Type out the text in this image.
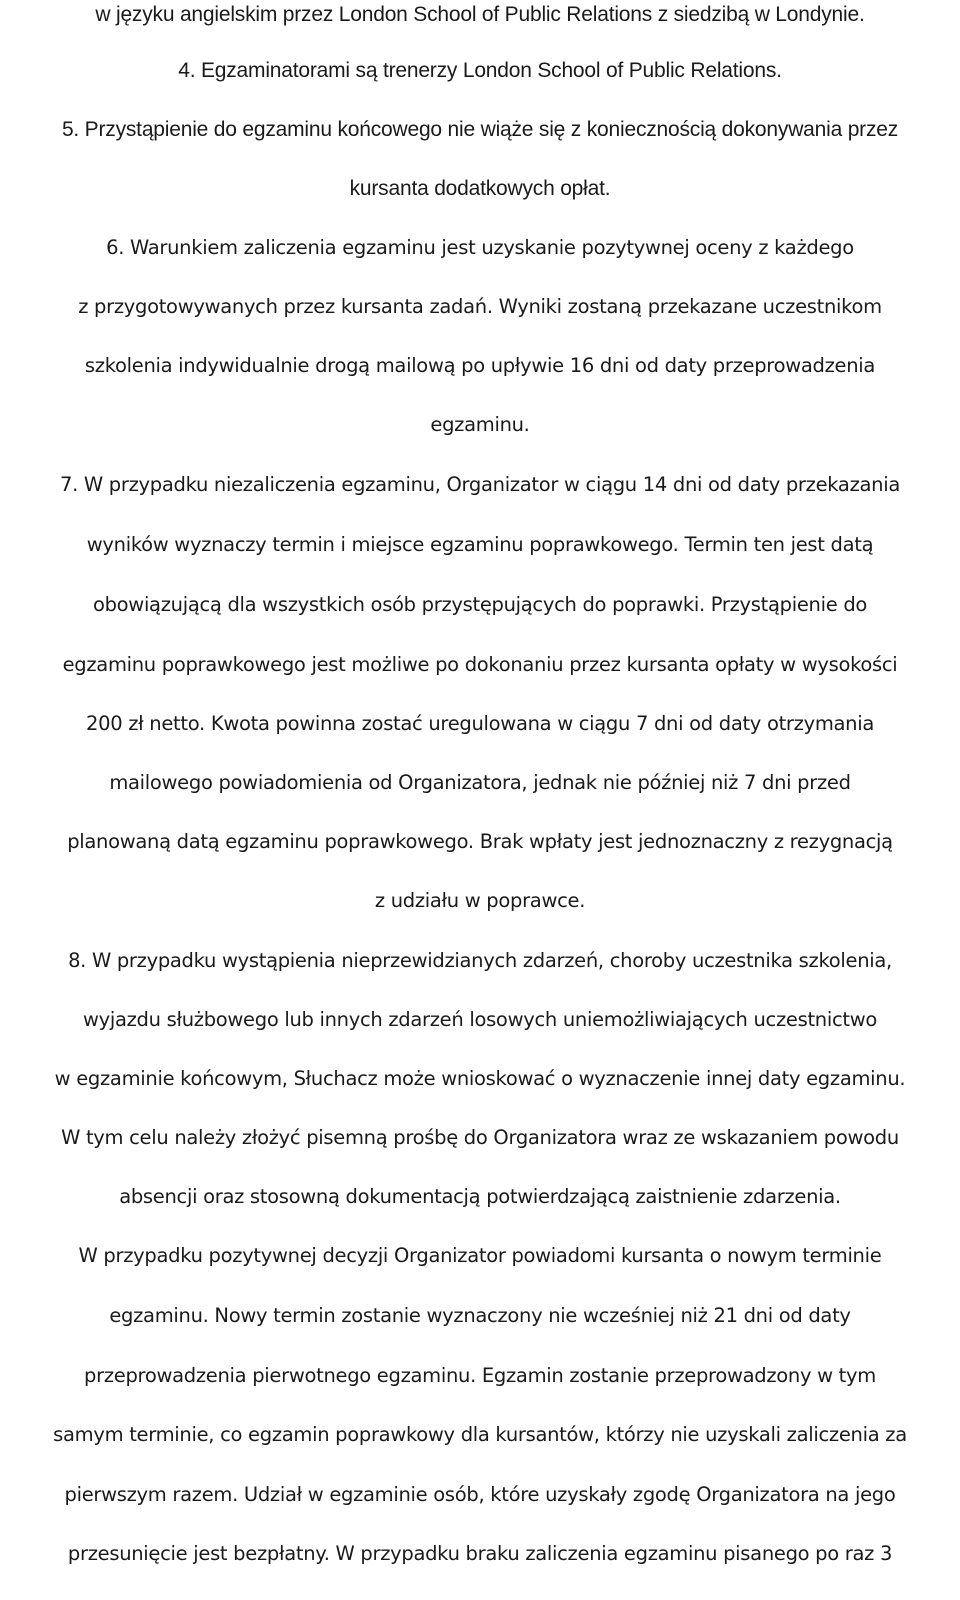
w języku angielskim przez London School of Public Relations z siedzibą w Londynie.
4. Egzaminatorami są trenerzy London School of Public Relations.
5. Przystąpienie do egzaminu końcowego nie wiąże się z koniecznością dokonywania przez
kursanta dodatkowych opłat.
6. Warunkiem zaliczenia egzaminu jest uzyskanie pozytywnej oceny z każdego
z przygotowywanych przez kursanta zadań. Wyniki zostaną przekazane uczestnikom
szkolenia indywidualnie drogą mailową po upływie 16 dni od daty przeprowadzenia
egzaminu.
7. W przypadku niezaliczenia egzaminu, Organizator w ciągu 14 dni od daty przekazania
wyników wyznaczy termin i miejsce egzaminu poprawkowego. Termin ten jest datą
obowiązującą dla wszystkich osób przystępujących do poprawki. Przystąpienie do
egzaminu poprawkowego jest możliwe po dokonaniu przez kursanta opłaty w wysokości
200 zł netto. Kwota powinna zostać uregulowana w ciągu 7 dni od daty otrzymania
mailowego powiadomienia od Organizatora, jednak nie później niż 7 dni przed
planowaną datą egzaminu poprawkowego. Brak wpłaty jest jednoznaczny z rezygnacją
z udziału w poprawce.
8. W przypadku wystąpienia nieprzewidzianych zdarzeń, choroby uczestnika szkolenia,
wyjazdu służbowego lub innych zdarzeń losowych uniemożliwiających uczestnictwo
w egzaminie końcowym, Słuchacz może wnioskować o wyznaczenie innej daty egzaminu.
W tym celu należy złożyć pisemną prośbę do Organizatora wraz ze wskazaniem powodu
absencji oraz stosowną dokumentacją potwierdzającą zaistnienie zdarzenia.
W przypadku pozytywnej decyzji Organizator powiadomi kursanta o nowym terminie
egzaminu. Nowy termin zostanie wyznaczony nie wcześniej niż 21 dni od daty
przeprowadzenia pierwotnego egzaminu. Egzamin zostanie przeprowadzony w tym
samym terminie, co egzamin poprawkowy dla kursantów, którzy nie uzyskali zaliczenia za
pierwszym razem. Udział w egzaminie osób, które uzyskały zgodę Organizatora na jego
przesunięcie jest bezpłatny. W przypadku braku zaliczenia egzaminu pisanego po raz 3
